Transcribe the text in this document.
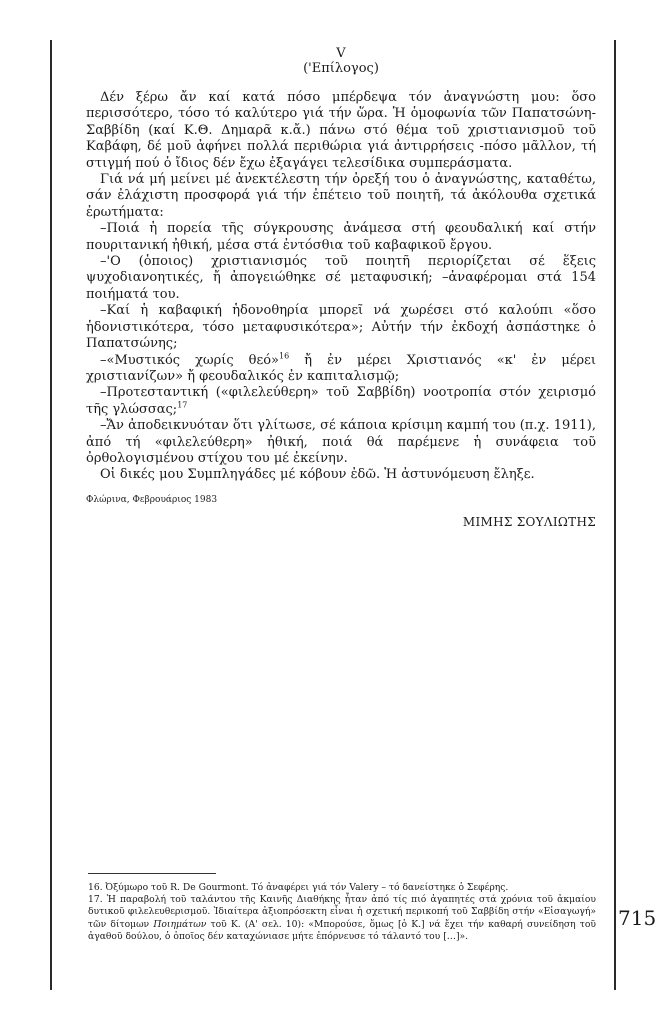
V
('Επίλογος)

Δέν ξέρω ἄν καί κατά πόσο μπέρδεψα τόν ἀναγνώστη μου: ὅσο περισσότερο, τόσο τό καλύτερο γιά τήν ὥρα. Ἡ ὁμοφωνία τῶν Παπατσώνη-Σαββίδη (καί Κ.Θ. Δημαρᾶ κ.ἄ.) πάνω στό θέμα τοῦ χριστιανισμοῦ τοῦ Καβάφη, δέ μοῦ ἀφήνει πολλά περιθώρια γιά ἀντιρρήσεις -πόσο μᾶλλον, τή στιγμή πού ὁ ἴδιος δέν ἔχω ἐξαγάγει τελεσίδικα συμπεράσματα.

Γιά νά μή μείνει μέ ἀνεκτέλεστη τήν ὀρεξή του ὁ ἀναγνώστης, καταθέτω, σάν ἐλάχιστη προσφορά γιά τήν ἐπέτειο τοῦ ποιητῆ, τά ἀκόλουθα σχετικά ἐρωτήματα:

–Ποιά ἡ πορεία τῆς σύγκρουσης ἀνάμεσα στή φεουδαλική καί στήν πουριτανική ἠθική, μέσα στά ἐντόσθια τοῦ καβαφικοῦ ἔργου.

–'Ο (ὁποιος) χριστιανισμός τοῦ ποιητῆ περιορίζεται σέ ἕξεις ψυχοδιανοητικές, ἤ ἀπογειώθηκε σέ μεταφυσική; –ἀναφέρομαι στά 154 ποιήματά του.

–Καί ἡ καβαφική ἡδονοθηρία μπορεῖ νά χωρέσει στό καλούπι «ὅσο ἡδονιστικότερα, τόσο μεταφυσικότερα»; Αὐτήν τήν ἐκδοχή ἀσπάστηκε ὁ Παπατσώνης;

–«Μυστικός χωρίς θεό»$^{16}$ ἤ ἐν μέρει Χριστιανός «κ' ἐν μέρει χριστιανίζων» ἤ φεουδαλικός ἐν καπιταλισμῷ;

–Προτεσταντική («φιλελεύθερη» τοῦ Σαββίδη) νοοτροπία στόν χειρισμό τῆς γλώσσας;$^{17}$

–Ἄν ἀποδεικνυόταν ὅτι γλίτωσε, σέ κάποια κρίσιμη καμπή του (π.χ. 1911), ἀπό τή «φιλελεύθερη» ἠθική, ποιά θά παρέμενε ἡ συνάφεια τοῦ ὀρθολογισμένου στίχου του μέ ἐκείνην.

Οἱ δικές μου Συμπληγάδες μέ κόβουν ἐδῶ. Ἡ ἀστυνόμευση ἔληξε.

Φλώρινα, Φεβρουάριος 1983
ΜΙΜΗΣ ΣΟΥΛΙΩΤΗΣ

16. Ὀξύμωρο τοῦ R. De Gourmont. Τό ἀναφέρει γιά τόν Valery – τό δανείστηκε ὁ Σεφέρης.

17. Ἡ παραβολή τοῦ ταλάντου τῆς Καινῆς Διαθήκης ἦταν ἀπό τίς πιό ἀγαπητές στά χρόνια τοῦ ἀκμαίου δυτικοῦ φιλελευθερισμοῦ. Ἰδιαίτερα ἀξιοπρόσεκτη εἶναι ἡ σχετική περικοπή τοῦ Σαββίδη στήν «Εἰσαγωγή» τῶν δίτομων Ποιημάτων τοῦ Κ. (Α' σελ. 10): «Μπορούσε, ὅμως [ὁ Κ.] νά ἔχει τήν καθαρή συνείδηση τοῦ ἀγαθοῦ δούλου, ὁ ὁποῖος δέν καταχώνιασε μήτε ἐπόρνευσε τό τάλαντό του […]».

715
